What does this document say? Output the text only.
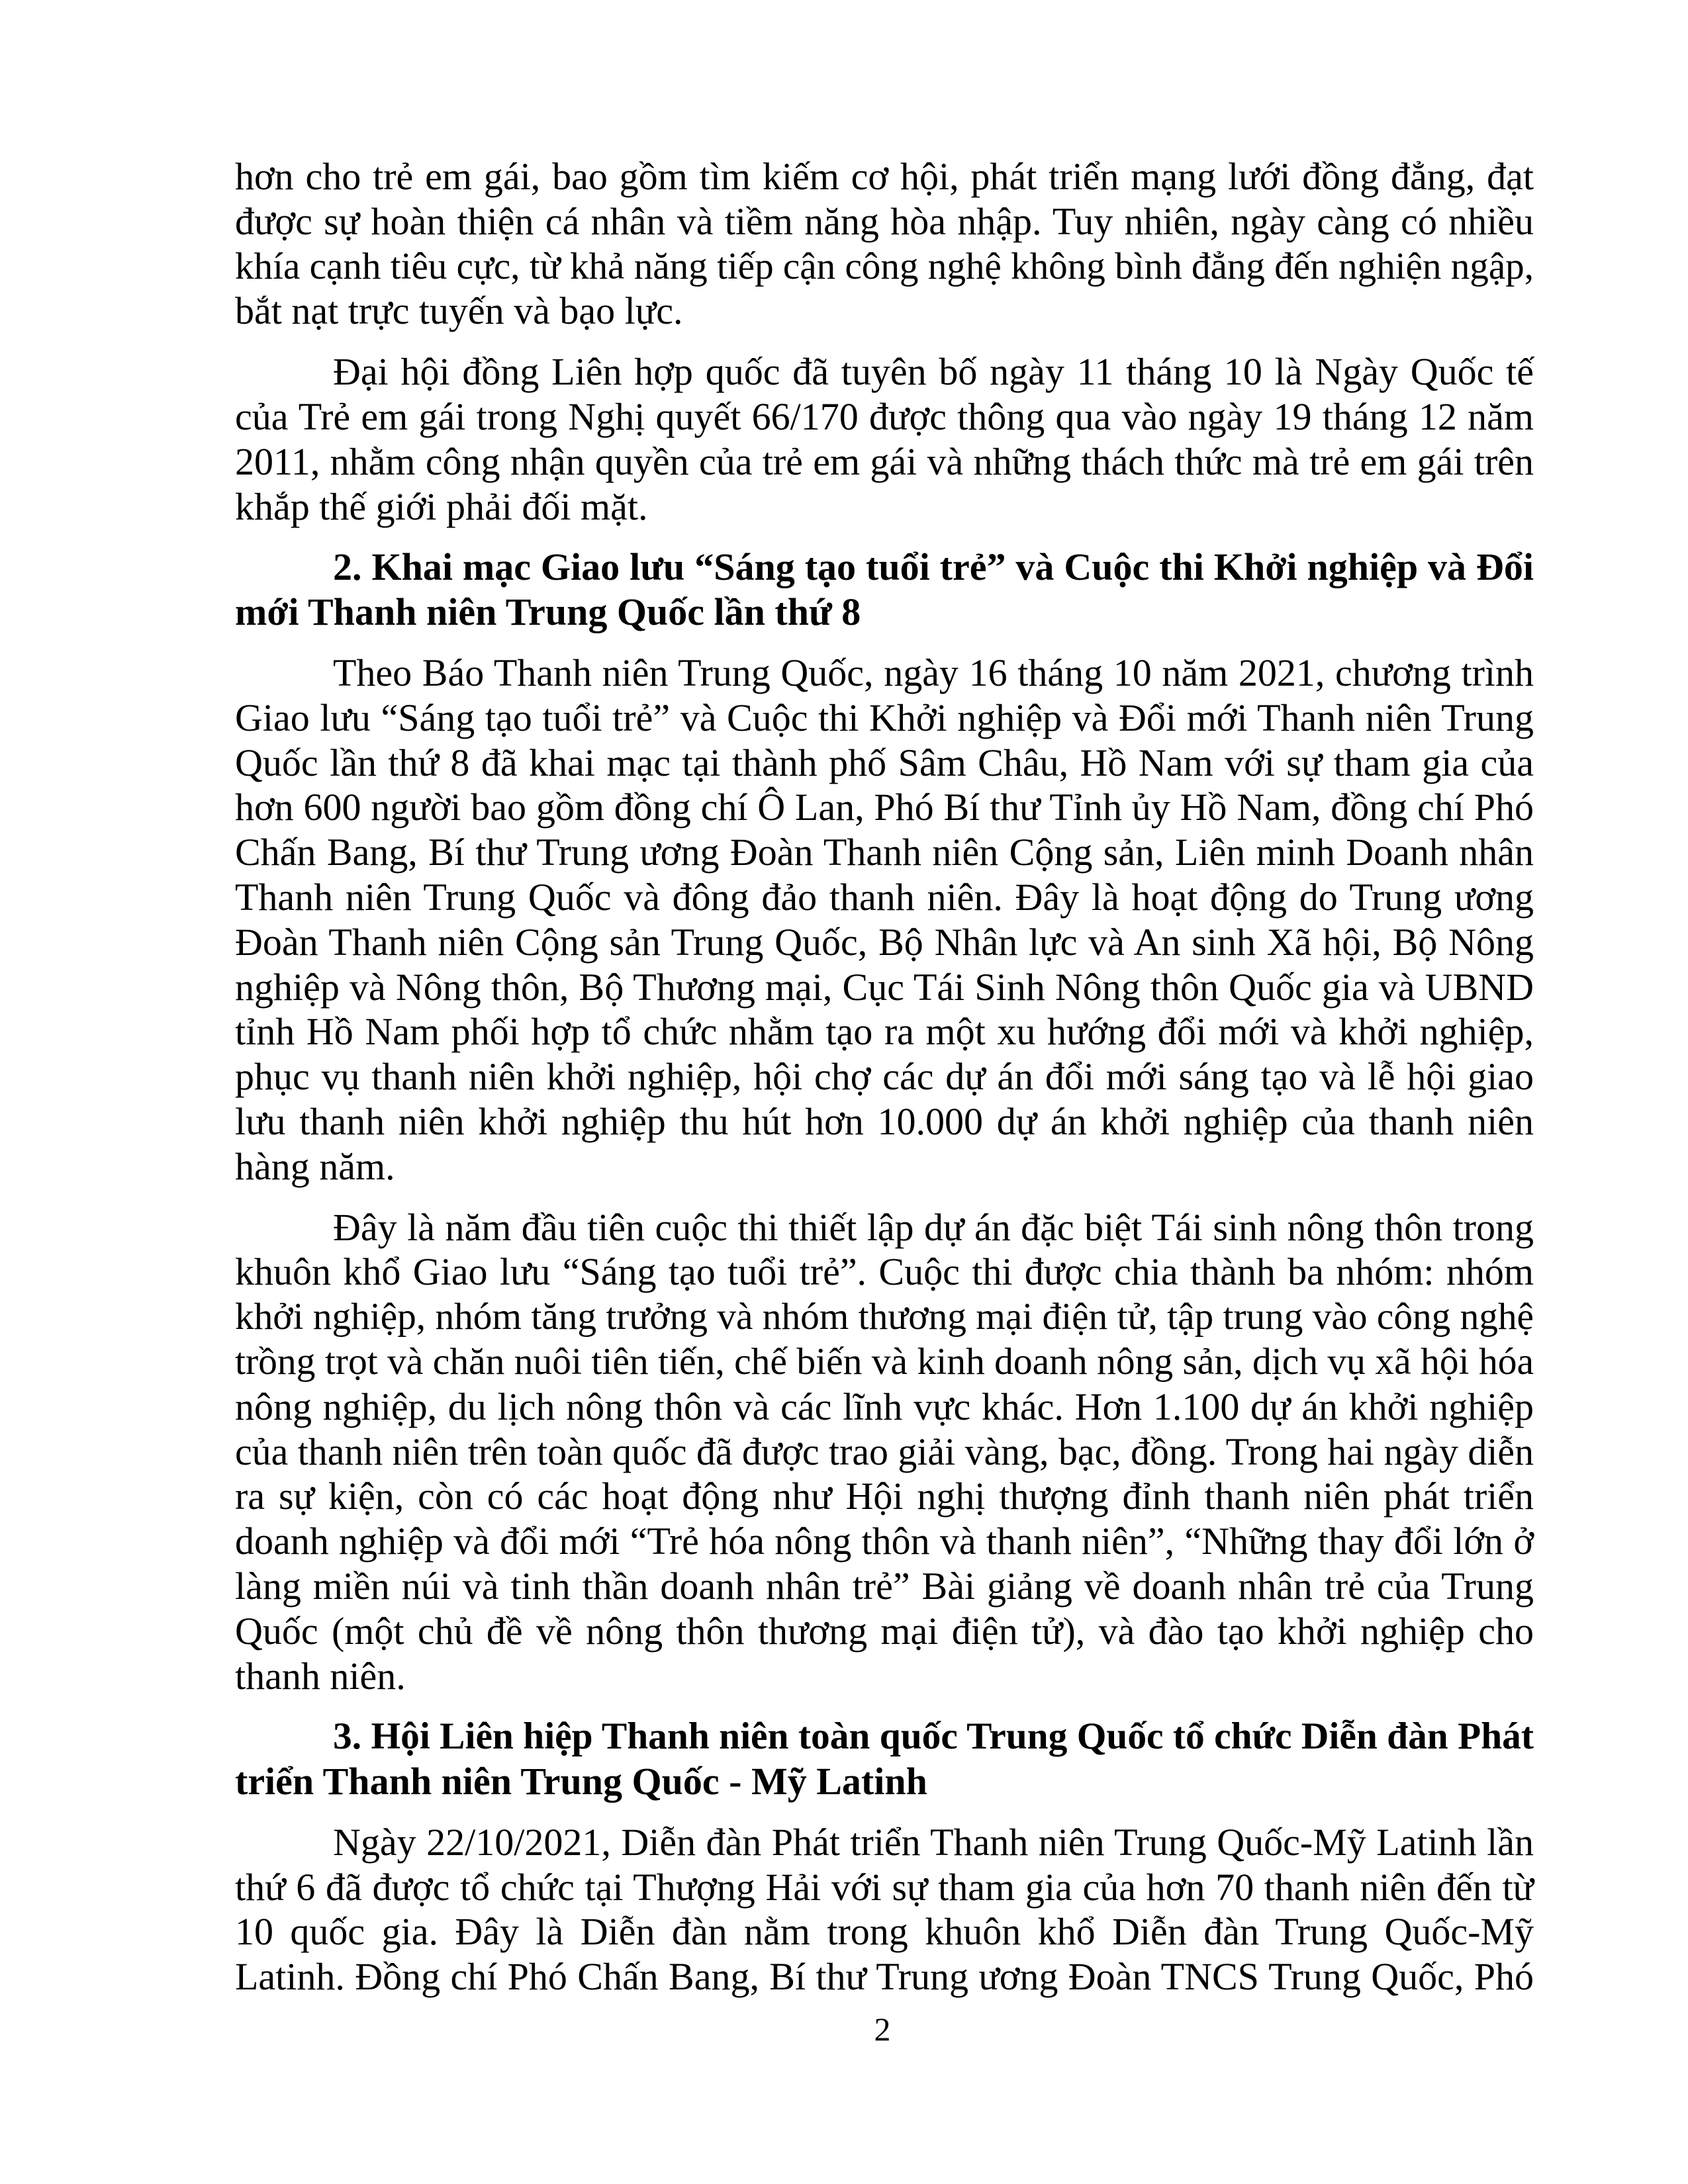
hơn cho trẻ em gái, bao gồm tìm kiếm cơ hội, phát triển mạng lưới đồng đẳng, đạt
được sự hoàn thiện cá nhân và tiềm năng hòa nhập. Tuy nhiên, ngày càng có nhiều
khía cạnh tiêu cực, từ khả năng tiếp cận công nghệ không bình đẳng đến nghiện ngập,
bắt nạt trực tuyến và bạo lực.
Đại hội đồng Liên hợp quốc đã tuyên bố ngày 11 tháng 10 là Ngày Quốc tế
của Trẻ em gái trong Nghị quyết 66/170 được thông qua vào ngày 19 tháng 12 năm
2011, nhằm công nhận quyền của trẻ em gái và những thách thức mà trẻ em gái trên
khắp thế giới phải đối mặt.
2. Khai mạc Giao lưu “Sáng tạo tuổi trẻ” và Cuộc thi Khởi nghiệp và Đổi
mới Thanh niên Trung Quốc lần thứ 8
Theo Báo Thanh niên Trung Quốc, ngày 16 tháng 10 năm 2021, chương trình
Giao lưu “Sáng tạo tuổi trẻ” và Cuộc thi Khởi nghiệp và Đổi mới Thanh niên Trung
Quốc lần thứ 8 đã khai mạc tại thành phố Sâm Châu, Hồ Nam với sự tham gia của
hơn 600 người bao gồm đồng chí Ô Lan, Phó Bí thư Tỉnh ủy Hồ Nam, đồng chí Phó
Chấn Bang, Bí thư Trung ương Đoàn Thanh niên Cộng sản, Liên minh Doanh nhân
Thanh niên Trung Quốc và đông đảo thanh niên. Đây là hoạt động do Trung ương
Đoàn Thanh niên Cộng sản Trung Quốc, Bộ Nhân lực và An sinh Xã hội, Bộ Nông
nghiệp và Nông thôn, Bộ Thương mại, Cục Tái Sinh Nông thôn Quốc gia và UBND
tỉnh Hồ Nam phối hợp tổ chức nhằm tạo ra một xu hướng đổi mới và khởi nghiệp,
phục vụ thanh niên khởi nghiệp, hội chợ các dự án đổi mới sáng tạo và lễ hội giao
lưu thanh niên khởi nghiệp thu hút hơn 10.000 dự án khởi nghiệp của thanh niên
hàng năm.
Đây là năm đầu tiên cuộc thi thiết lập dự án đặc biệt Tái sinh nông thôn trong
khuôn khổ Giao lưu “Sáng tạo tuổi trẻ”. Cuộc thi được chia thành ba nhóm: nhóm
khởi nghiệp, nhóm tăng trưởng và nhóm thương mại điện tử, tập trung vào công nghệ
trồng trọt và chăn nuôi tiên tiến, chế biến và kinh doanh nông sản, dịch vụ xã hội hóa
nông nghiệp, du lịch nông thôn và các lĩnh vực khác. Hơn 1.100 dự án khởi nghiệp
của thanh niên trên toàn quốc đã được trao giải vàng, bạc, đồng. Trong hai ngày diễn
ra sự kiện, còn có các hoạt động như Hội nghị thượng đỉnh thanh niên phát triển
doanh nghiệp và đổi mới “Trẻ hóa nông thôn và thanh niên”, “Những thay đổi lớn ở
làng miền núi và tinh thần doanh nhân trẻ” Bài giảng về doanh nhân trẻ của Trung
Quốc (một chủ đề về nông thôn thương mại điện tử), và đào tạo khởi nghiệp cho
thanh niên.
3. Hội Liên hiệp Thanh niên toàn quốc Trung Quốc tổ chức Diễn đàn Phát
triển Thanh niên Trung Quốc - Mỹ Latinh
Ngày 22/10/2021, Diễn đàn Phát triển Thanh niên Trung Quốc-Mỹ Latinh lần
thứ 6 đã được tổ chức tại Thượng Hải với sự tham gia của hơn 70 thanh niên đến từ
10 quốc gia. Đây là Diễn đàn nằm trong khuôn khổ Diễn đàn Trung Quốc-Mỹ
Latinh. Đồng chí Phó Chấn Bang, Bí thư Trung ương Đoàn TNCS Trung Quốc, Phó
2
